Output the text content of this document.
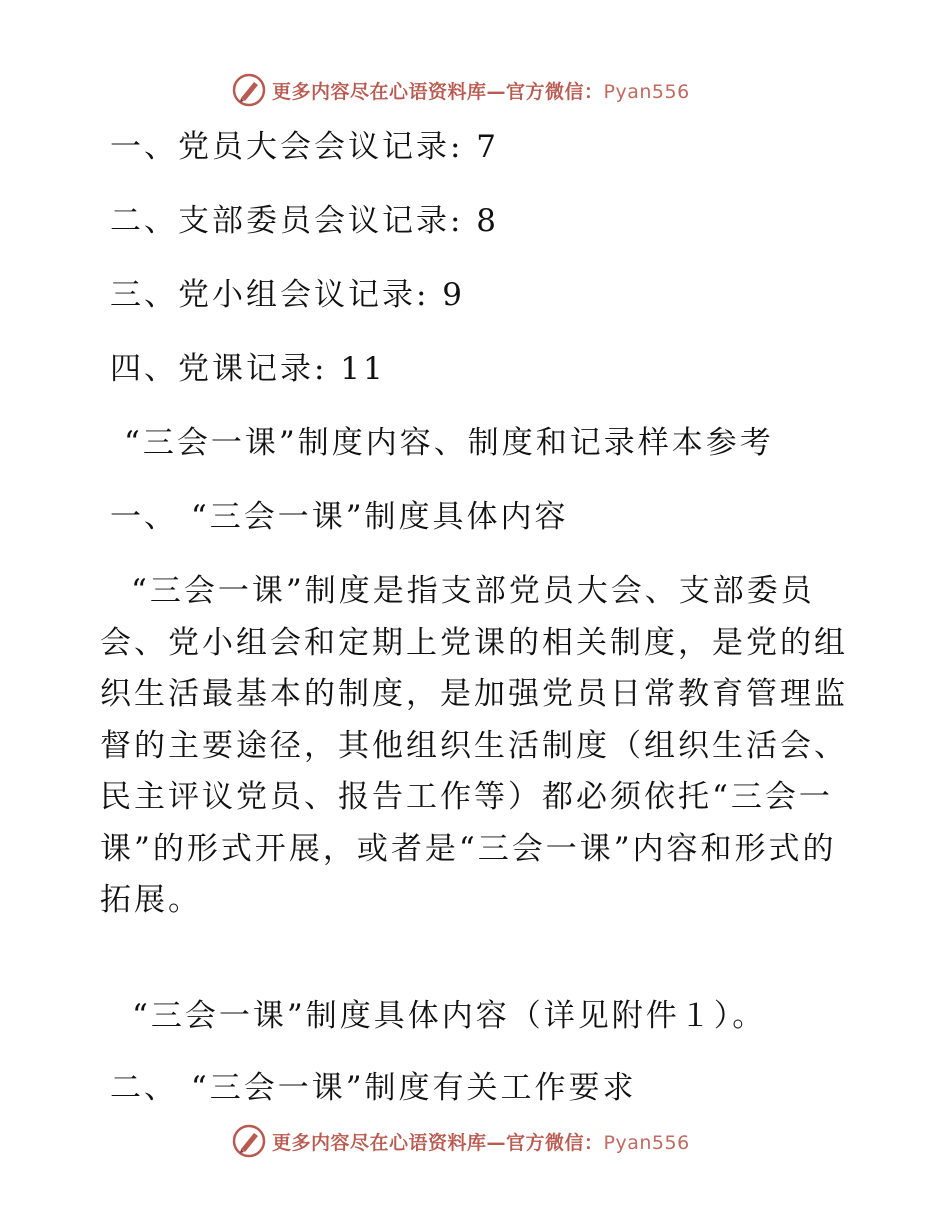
更多内容尽在心语资料库—官方微信：Pyan556
一、党员大会会议记录: 7
二、支部委员会议记录: 8
三、党小组会议记录: 9
四、党课记录: 11
“三会一课”制度内容、制度和记录样本参考
一、 “三会一课”制度具体内容
“三会一课”制度是指支部党员大会、支部委员会、党小组会和定期上党课的相关制度，是党的组织生活最基本的制度，是加强党员日常教育管理监督的主要途径，其他组织生活制度（组织生活会、民主评议党员、报告工作等）都必须依托“三会一课”的形式开展，或者是“三会一课”内容和形式的拓展。
“三会一课”制度具体内容（详见附件１）。
二、 “三会一课”制度有关工作要求
更多内容尽在心语资料库—官方微信：Pyan556
